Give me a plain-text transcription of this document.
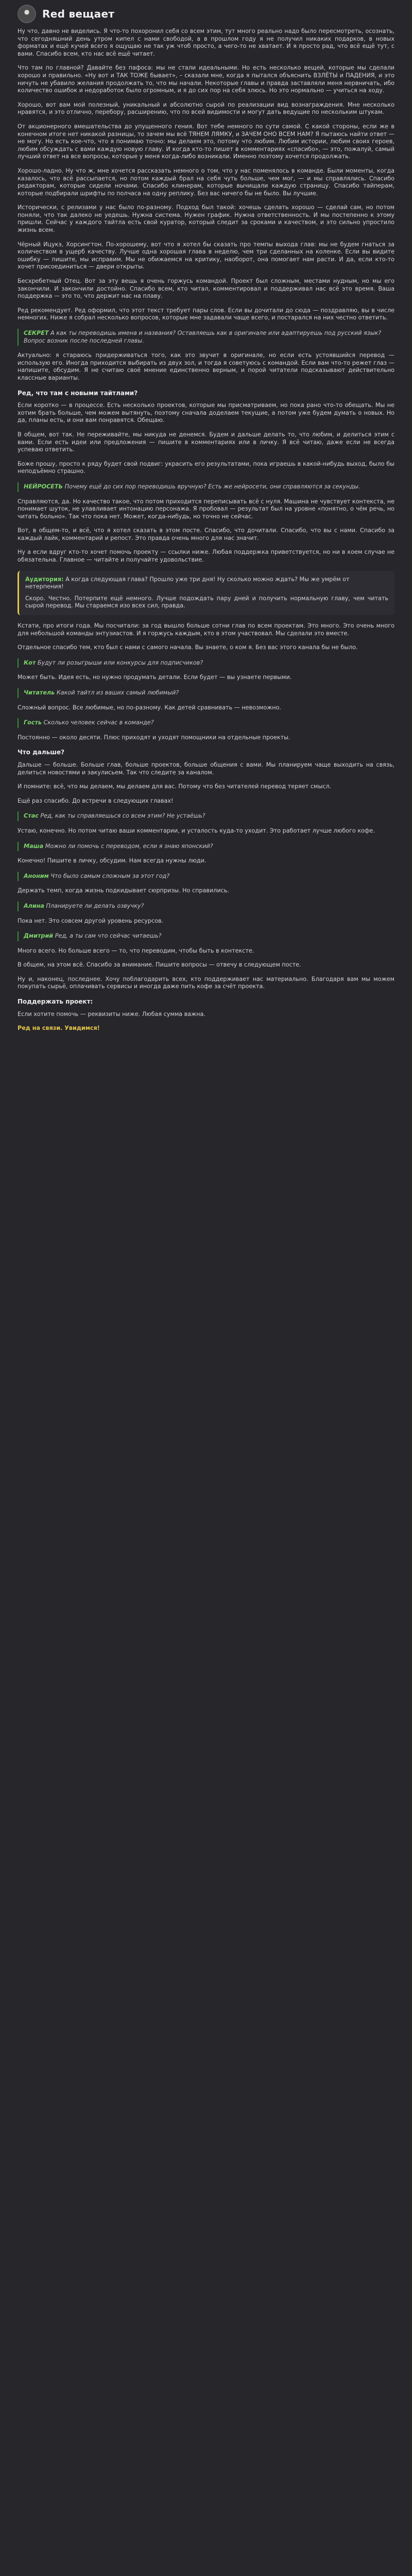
Red вещает

Ну что, давно не виделись. Я что-то похоронил себя со всем этим, тут много реально надо было пересмотреть, осознать, что сегодняшний день утром кипел с нами свободой, а в прошлом году я не получил никаких подарков, в новых форматах и ещё кучей всего я ощущаю не так уж чтоб просто, а чего-то не хватает. И я просто рад, что всё ещё тут, с вами. Спасибо всем, кто нас всё ещё читает.

Что там по главной? Давайте без пафоса: мы не стали идеальными. Но есть несколько вещей, которые мы сделали хорошо и правильно. «Ну вот и ТАК ТОЖЕ бывает», – сказали мне, когда я пытался объяснить ВЗЛЁТЫ и ПАДЕНИЯ, и это ничуть не убавило желания продолжать то, что мы начали. Некоторые главы и правда заставляли меня нервничать, ибо количество ошибок и недоработок было огромным, и я до сих пор на себя злюсь. Но это нормально — учиться на ходу.

Хорошо, вот вам мой полезный, уникальный и абсолютно сырой по реализации вид вознаграждения. Мне несколько нравятся, и это отлично, перебору, расширению, что по всей видимости и могут дать ведущие по нескольким штукам.

От акционерного вмешательства до упущенного гения. Вот тебе немного по сути самой. С какой стороны, если же в конечном итоге нет никакой разницы, то зачем мы всё ТЯНЕМ ЛЯМКУ, и ЗАЧЕМ ОНО ВСЕМ НАМ? Я пытаюсь найти ответ — не могу. Но есть кое-что, что я понимаю точно: мы делаем это, потому что любим. Любим истории, любим своих героев, любим обсуждать с вами каждую новую главу. И когда кто-то пишет в комментариях «спасибо», — это, пожалуй, самый лучший ответ на все вопросы, которые у меня когда-либо возникали. Именно поэтому хочется продолжать.

Хорошо-ладно. Ну что ж, мне хочется рассказать немного о том, что у нас поменялось в команде. Были моменты, когда казалось, что всё рассыпается, но потом каждый брал на себя чуть больше, чем мог, — и мы справлялись. Спасибо редакторам, которые сидели ночами. Спасибо клинерам, которые вычищали каждую страницу. Спасибо тайперам, которые подбирали шрифты по полчаса на одну реплику. Без вас ничего бы не было. Вы лучшие.

Исторически, с релизами у нас было по-разному. Подход был такой: хочешь сделать хорошо — сделай сам, но потом поняли, что так далеко не уедешь. Нужна система. Нужен график. Нужна ответственность. И мы постепенно к этому пришли. Сейчас у каждого тайтла есть свой куратор, который следит за сроками и качеством, и это сильно упростило жизнь всем.

Чёрный Ицукэ, Хорсингтон. По-хорошему, вот что я хотел бы сказать про темпы выхода глав: мы не будем гнаться за количеством в ущерб качеству. Лучше одна хорошая глава в неделю, чем три сделанных на коленке. Если вы видите ошибку — пишите, мы исправим. Мы не обижаемся на критику, наоборот, она помогает нам расти. И да, если кто-то хочет присоединиться — двери открыты.

Бесхребетный Отец. Вот за эту вещь я очень горжусь командой. Проект был сложным, местами нудным, но мы его закончили. И закончили достойно. Спасибо всем, кто читал, комментировал и поддерживал нас всё это время. Ваша поддержка — это то, что держит нас на плаву.

Ред рекомендует. Ред оформил, что этот текст требует пары слов. Если вы дочитали до сюда — поздравляю, вы в числе немногих. Ниже я собрал несколько вопросов, которые мне задавали чаще всего, и постарался на них честно ответить.

СЕКРЕТ А как ты переводишь имена и названия? Оставляешь как в оригинале или адаптируешь под русский язык? Вопрос возник после последней главы.

Актуально: я стараюсь придерживаться того, как это звучит в оригинале, но если есть устоявшийся перевод — использую его. Иногда приходится выбирать из двух зол, и тогда я советуюсь с командой. Если вам что-то режет глаз — напишите, обсудим. Я не считаю своё мнение единственно верным, и порой читатели подсказывают действительно классные варианты.

Ред, что там с новыми тайтлами?

Если коротко — в процессе. Есть несколько проектов, которые мы присматриваем, но пока рано что-то обещать. Мы не хотим брать больше, чем можем вытянуть, поэтому сначала доделаем текущие, а потом уже будем думать о новых. Но да, планы есть, и они вам понравятся. Обещаю.

В общем, вот так. Не переживайте, мы никуда не денемся. Будем и дальше делать то, что любим, и делиться этим с вами. Если есть идеи или предложения — пишите в комментариях или в личку. Я всё читаю, даже если не всегда успеваю ответить.

Боже прошу, просто к ряду будет свой подвиг: украсить его результатами, пока играешь в какой-нибудь выход, было бы неподъёмно страшно.

НЕЙРОСЕТЬ Почему ещё до сих пор переводишь вручную? Есть же нейросети, они справляются за секунды.

Справляются, да. Но качество такое, что потом приходится переписывать всё с нуля. Машина не чувствует контекста, не понимает шуток, не улавливает интонацию персонажа. Я пробовал — результат был на уровне «понятно, о чём речь, но читать больно». Так что пока нет. Может, когда-нибудь, но точно не сейчас.

Вот, в общем-то, и всё, что я хотел сказать в этом посте. Спасибо, что дочитали. Спасибо, что вы с нами. Спасибо за каждый лайк, комментарий и репост. Это правда очень много для нас значит.

Ну а если вдруг кто-то хочет помочь проекту — ссылки ниже. Любая поддержка приветствуется, но ни в коем случае не обязательна. Главное — читайте и получайте удовольствие.

Аудитория: А когда следующая глава? Прошло уже три дня! Ну сколько можно ждать? Мы же умрём от нетерпения!

Скоро. Честно. Потерпите ещё немного. Лучше подождать пару дней и получить нормальную главу, чем читать сырой перевод. Мы стараемся изо всех сил, правда.

Кстати, про итоги года. Мы посчитали: за год вышло больше сотни глав по всем проектам. Это много. Это очень много для небольшой команды энтузиастов. И я горжусь каждым, кто в этом участвовал. Мы сделали это вместе.

Отдельное спасибо тем, кто был с нами с самого начала. Вы знаете, о ком я. Без вас этого канала бы не было.

Кот Будут ли розыгрыши или конкурсы для подписчиков?

Может быть. Идея есть, но нужно продумать детали. Если будет — вы узнаете первыми.

Читатель Какой тайтл из ваших самый любимый?

Сложный вопрос. Все любимые, но по-разному. Как детей сравнивать — невозможно.

Гость Сколько человек сейчас в команде?

Постоянно — около десяти. Плюс приходят и уходят помощники на отдельные проекты.

Что дальше?

Дальше — больше. Больше глав, больше проектов, больше общения с вами. Мы планируем чаще выходить на связь, делиться новостями и закулисьем. Так что следите за каналом.

И помните: всё, что мы делаем, мы делаем для вас. Потому что без читателей перевод теряет смысл.

Ещё раз спасибо. До встречи в следующих главах!

Стас Ред, как ты справляешься со всем этим? Не устаёшь?

Устаю, конечно. Но потом читаю ваши комментарии, и усталость куда-то уходит. Это работает лучше любого кофе.

Маша Можно ли помочь с переводом, если я знаю японский?

Конечно! Пишите в личку, обсудим. Нам всегда нужны люди.

Аноним Что было самым сложным за этот год?

Держать темп, когда жизнь подкидывает сюрпризы. Но справились.

Алина Планируете ли делать озвучку?

Пока нет. Это совсем другой уровень ресурсов.

Дмитрий Ред, а ты сам что сейчас читаешь?

Много всего. Но больше всего — то, что переводим, чтобы быть в контексте.

В общем, на этом всё. Спасибо за внимание. Пишите вопросы — отвечу в следующем посте.

Ну и, наконец, последнее. Хочу поблагодарить всех, кто поддерживает нас материально. Благодаря вам мы можем покупать сырьё, оплачивать сервисы и иногда даже пить кофе за счёт проекта.

Поддержать проект:

Если хотите помочь — реквизиты ниже. Любая сумма важна.

Ред на связи. Увидимся!
